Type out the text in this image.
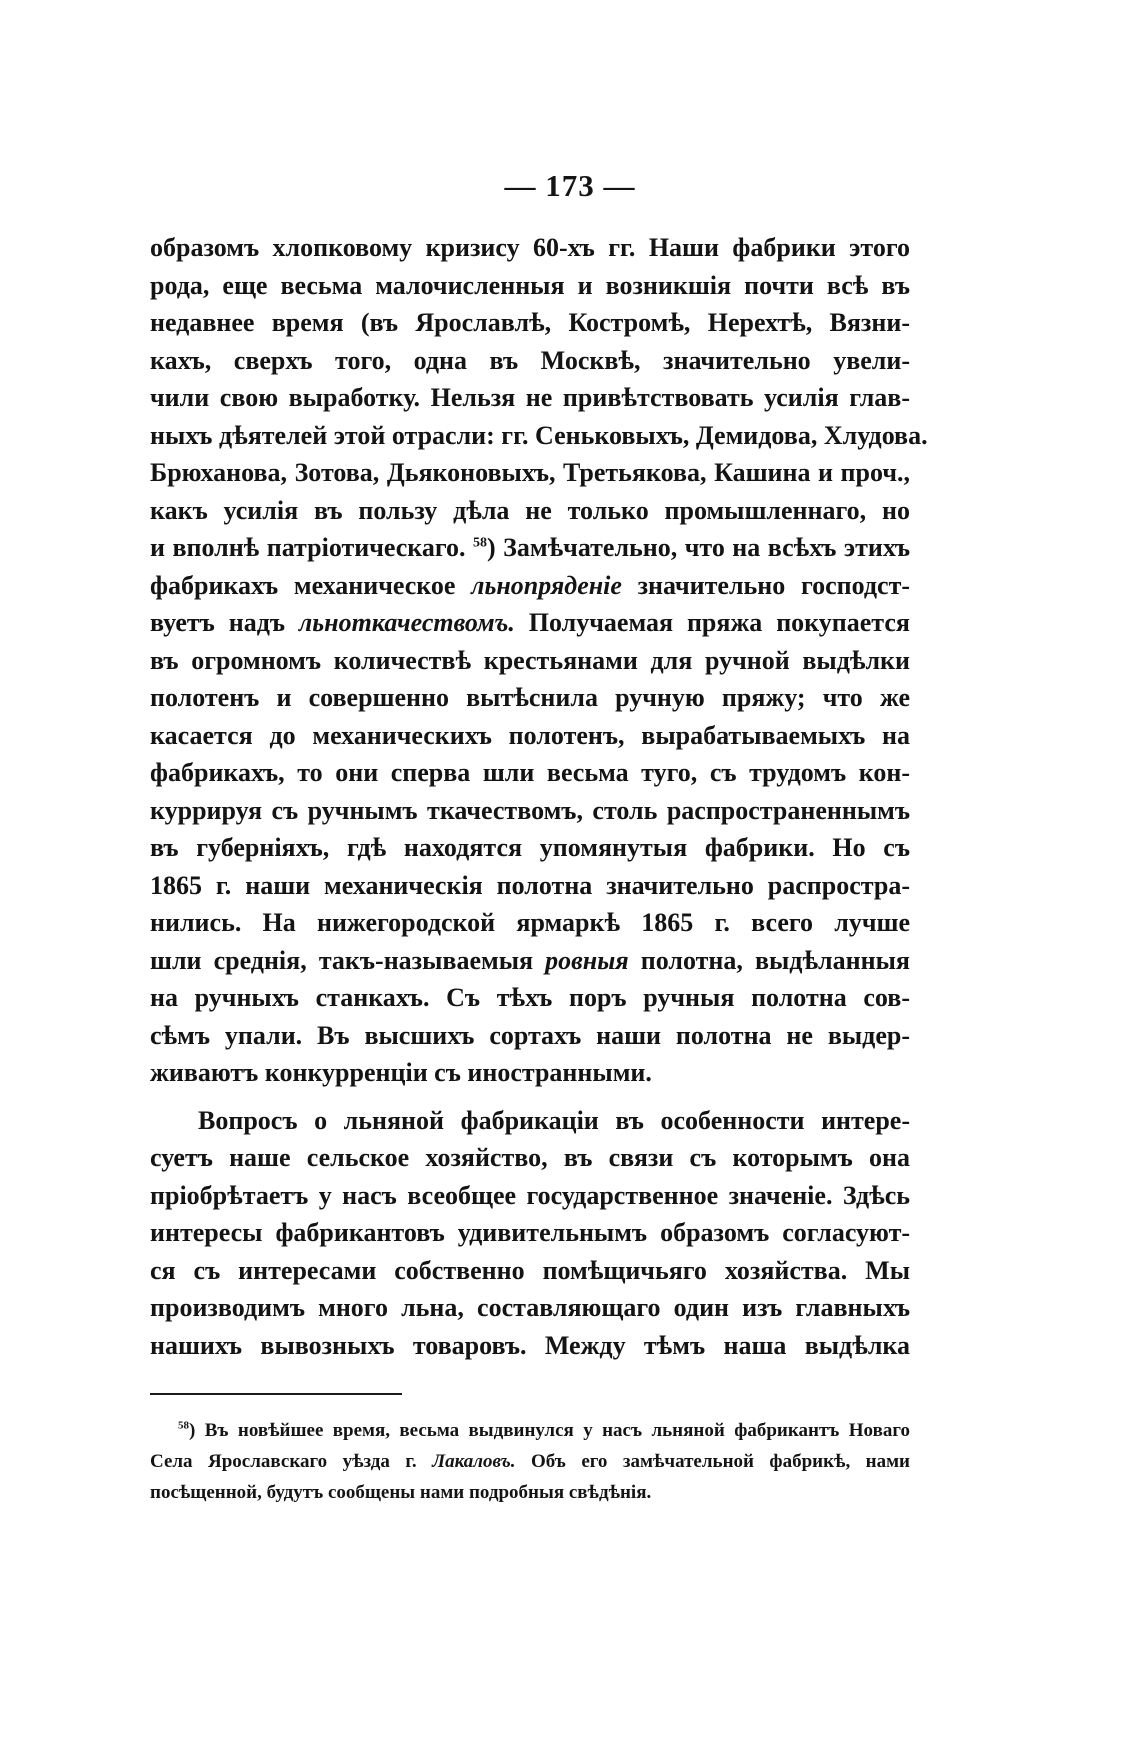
— 173 —
образомъ хлопковому кризису 60-хъ гг. Наши фабрики этого
рода, еще весьма малочисленныя и возникшія почти всѣ въ
недавнее время (въ Ярославлѣ, Костромѣ, Нерехтѣ, Вязни-
кахъ, сверхъ того, одна въ Москвѣ, значительно увели-
чили свою выработку. Нельзя не привѣтствовать усилія глав-
ныхъ дѣятелей этой отрасли: гг. Сеньковыхъ, Демидова, Хлудова.
Брюханова, Зотова, Дьяконовыхъ, Третьякова, Кашина и проч.,
какъ усилія въ пользу дѣла не только промышленнаго, но
и вполнѣ патріотическаго. $^{58}$) Замѣчательно, что на всѣхъ этихъ
фабрикахъ механическое льнопрядeніе значительно господст-
вуетъ надъ льноткачествомъ. Получаемая пряжа покупается
въ огромномъ количествѣ крестьянами для ручной выдѣлки
полотенъ и совершенно вытѣснила ручную пряжу; что же
касается до механическихъ полотенъ, вырабатываемыхъ на
фабрикахъ, то они сперва шли весьма туго, съ трудомъ кон-
куррируя съ ручнымъ ткачествомъ, столь распространеннымъ
въ губерніяхъ, гдѣ находятся упомянутыя фабрики. Но съ
1865 г. наши механическія полотна значительно распростра-
нились. На нижегородской ярмаркѣ 1865 г. всего лучше
шли среднія, такъ-называемыя ровныя полотна, выдѣланныя
на ручныхъ станкахъ. Съ тѣхъ поръ ручныя полотна сов-
сѣмъ упали. Въ высшихъ сортахъ наши полотна не выдер-
живаютъ конкурренціи съ иностранными.
Вопросъ о льняной фабрикаціи въ особенности интере-
суетъ наше сельское хозяйство, въ связи съ которымъ она
пріобрѣтаетъ у насъ всеобщее государственное значеніе. Здѣсь
интересы фабрикантовъ удивительнымъ образомъ согласуют-
ся съ интересами собственно помѣщичьяго хозяйства. Мы
производимъ много льна, составляющаго один изъ главныхъ
нашихъ вывозныхъ товаровъ. Между тѣмъ наша выдѣлка
$^{58}$) Въ новѣйшее время, весьма выдвинулся у насъ льняной фабрикантъ Новаго
Села Ярославскаго уѣзда г. Лакаловъ. Объ его замѣчательной фабрикѣ, нами
посѣщенной, будутъ сообщены нами подробныя свѣдѣнія.
